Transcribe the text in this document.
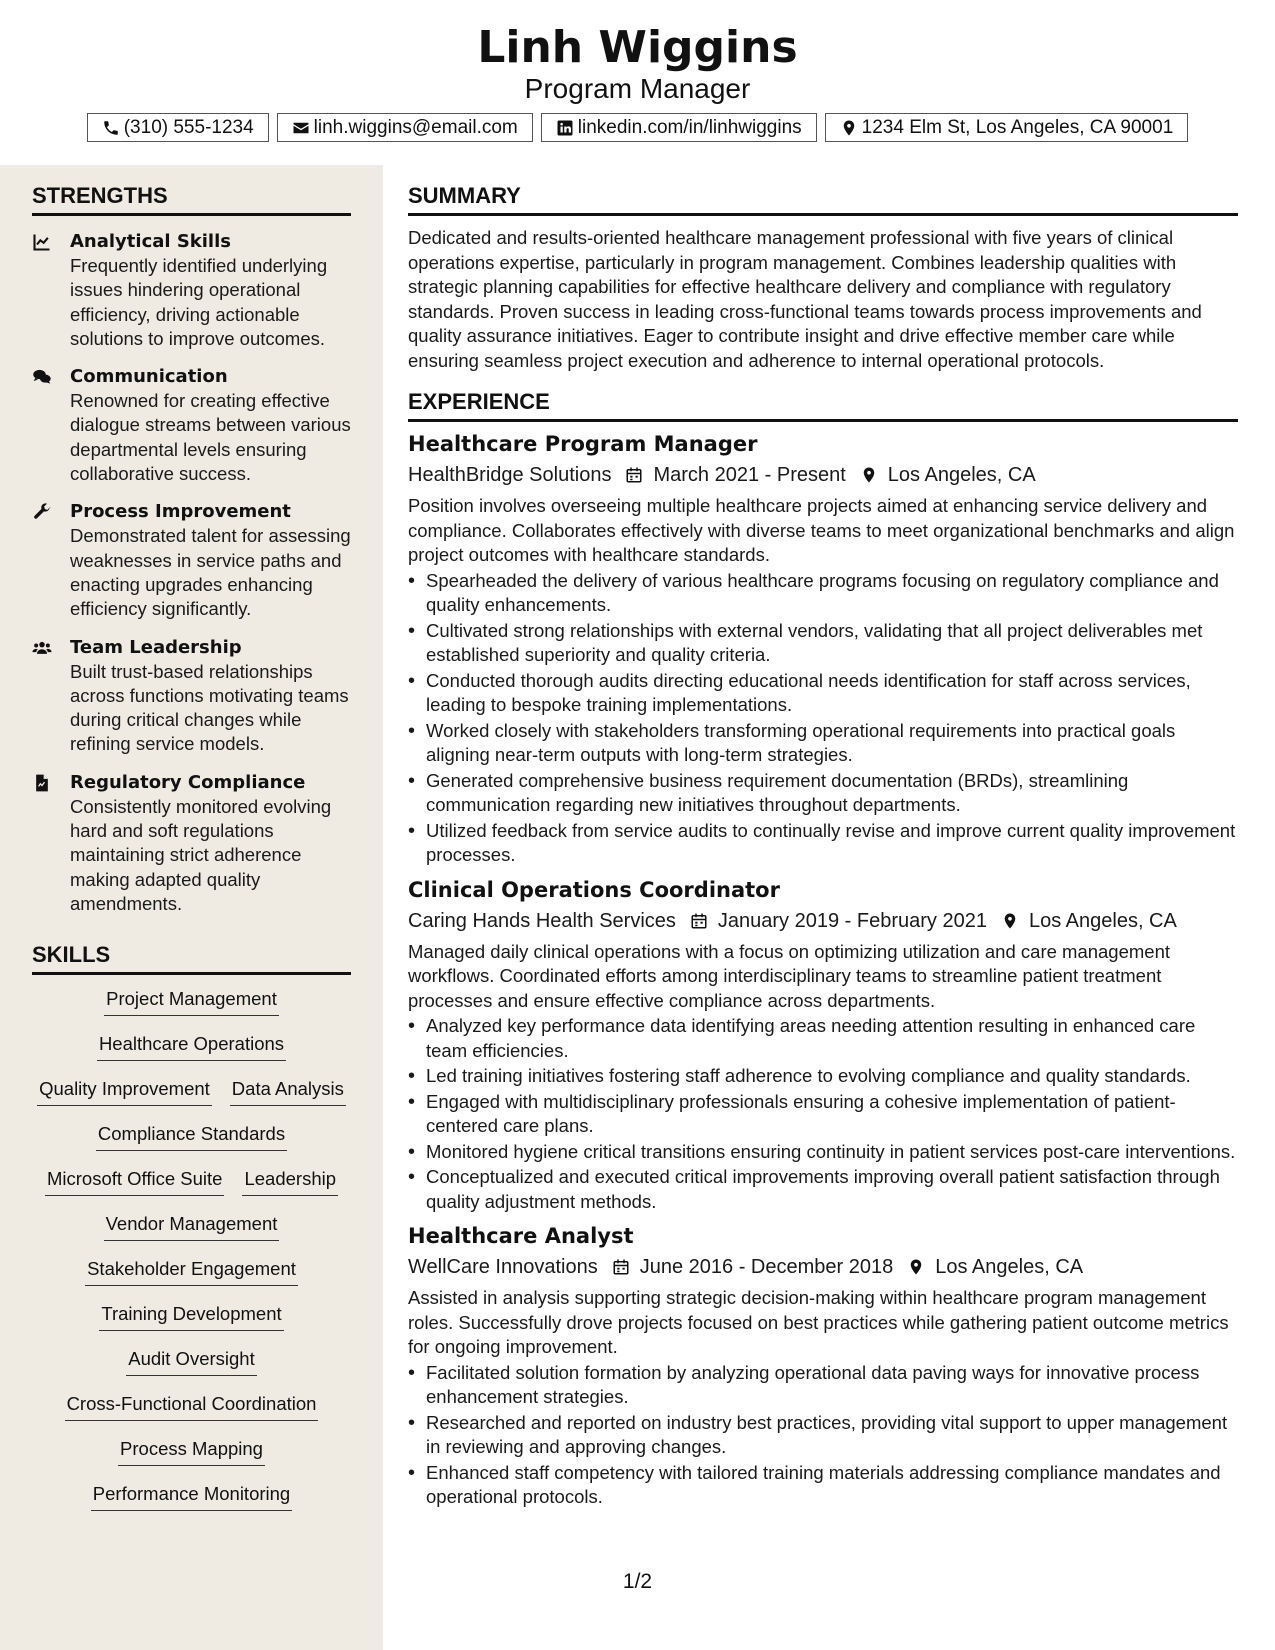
Linh Wiggins
Program Manager
(310) 555-1234	linh.wiggins@email.com	linkedin.com/in/linhwiggins	1234 Elm St, Los Angeles, CA 90001
STRENGTHS
Analytical Skills
Frequently identified underlying issues hindering operational efficiency, driving actionable solutions to improve outcomes.
Communication
Renowned for creating effective dialogue streams between various departmental levels ensuring collaborative success.
Process Improvement
Demonstrated talent for assessing weaknesses in service paths and enacting upgrades enhancing efficiency significantly.
Team Leadership
Built trust-based relationships across functions motivating teams during critical changes while refining service models.
Regulatory Compliance
Consistently monitored evolving hard and soft regulations maintaining strict adherence making adapted quality amendments.
SKILLS
Project Management
Healthcare Operations
Quality Improvement Data Analysis
Compliance Standards
Microsoft Office Suite Leadership
Vendor Management
Stakeholder Engagement
Training Development
Audit Oversight
Cross-Functional Coordination
Process Mapping
Performance Monitoring
SUMMARY
Dedicated and results-oriented healthcare management professional with five years of clinical operations expertise, particularly in program management. Combines leadership qualities with strategic planning capabilities for effective healthcare delivery and compliance with regulatory standards. Proven success in leading cross-functional teams towards process improvements and quality assurance initiatives. Eager to contribute insight and drive effective member care while ensuring seamless project execution and adherence to internal operational protocols.
EXPERIENCE
Healthcare Program Manager
HealthBridge Solutions March 2021 - Present Los Angeles, CA
Position involves overseeing multiple healthcare projects aimed at enhancing service delivery and compliance. Collaborates effectively with diverse teams to meet organizational benchmarks and align project outcomes with healthcare standards.
• Spearheaded the delivery of various healthcare programs focusing on regulatory compliance and quality enhancements.
• Cultivated strong relationships with external vendors, validating that all project deliverables met established superiority and quality criteria.
• Conducted thorough audits directing educational needs identification for staff across services, leading to bespoke training implementations.
• Worked closely with stakeholders transforming operational requirements into practical goals aligning near-term outputs with long-term strategies.
• Generated comprehensive business requirement documentation (BRDs), streamlining communication regarding new initiatives throughout departments.
• Utilized feedback from service audits to continually revise and improve current quality improvement processes.
Clinical Operations Coordinator
Caring Hands Health Services January 2019 - February 2021 Los Angeles, CA
Managed daily clinical operations with a focus on optimizing utilization and care management workflows. Coordinated efforts among interdisciplinary teams to streamline patient treatment processes and ensure effective compliance across departments.
• Analyzed key performance data identifying areas needing attention resulting in enhanced care team efficiencies.
• Led training initiatives fostering staff adherence to evolving compliance and quality standards.
• Engaged with multidisciplinary professionals ensuring a cohesive implementation of patient-centered care plans.
• Monitored hygiene critical transitions ensuring continuity in patient services post-care interventions.
• Conceptualized and executed critical improvements improving overall patient satisfaction through quality adjustment methods.
Healthcare Analyst
WellCare Innovations June 2016 - December 2018 Los Angeles, CA
Assisted in analysis supporting strategic decision-making within healthcare program management roles. Successfully drove projects focused on best practices while gathering patient outcome metrics for ongoing improvement.
• Facilitated solution formation by analyzing operational data paving ways for innovative process enhancement strategies.
• Researched and reported on industry best practices, providing vital support to upper management in reviewing and approving changes.
• Enhanced staff competency with tailored training materials addressing compliance mandates and operational protocols.
1/2
